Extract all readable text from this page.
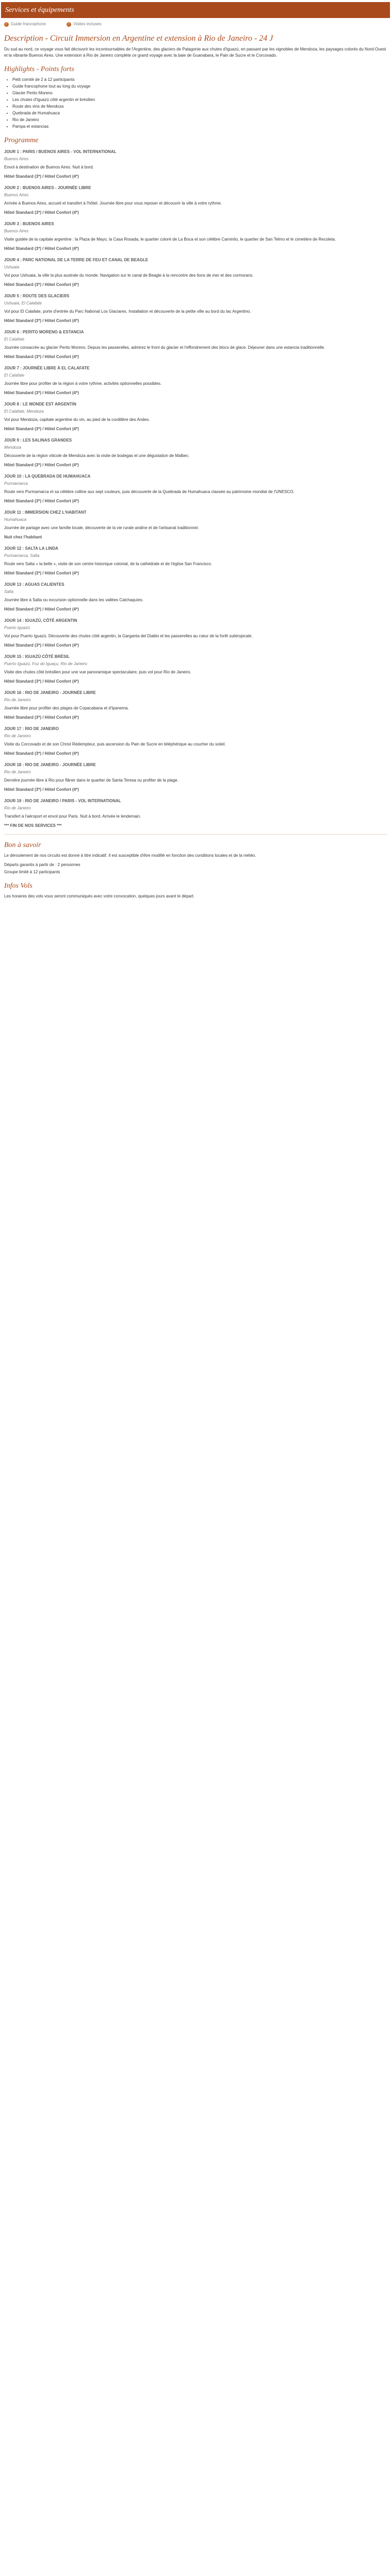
Services et équipements
✓ Guide francophone	✓ Visites incluses
Description - Circuit Immersion en Argentine et extension à Rio de Janeiro - 24 J

Du sud au nord, ce voyage vous fait découvrir les incontournables de l'Argentine, des glaciers de Patagonie aux chutes d'Iguazú, en passant par les vignobles de Mendoza, les paysages colorés du Nord-Ouest et la vibrante Buenos Aires. Une extension à Rio de Janeiro complète ce grand voyage avec la baie de Guanabara, le Pain de Sucre et le Corcovado.

Highlights - Points forts
• Petit comité de 2 à 12 participants
• Guide francophone tout au long du voyage
• Glacier Perito Moreno
• Les chutes d'Iguazú côté argentin et brésilien
• Route des vins de Mendoza
• Quebrada de Humahuaca
• Rio de Janeiro
• Pampa et estancias
Programme
JOUR 1 : PARIS / BUENOS AIRES - VOL INTERNATIONAL
Buenos Aires

Envol à destination de Buenos Aires. Nuit à bord.

Hôtel Standard (3*) / Hôtel Confort (4*)
JOUR 2 : BUENOS AIRES - JOURNÉE LIBRE
Buenos Aires

Arrivée à Buenos Aires, accueil et transfert à l'hôtel. Journée libre pour vous reposer et découvrir la ville à votre rythme.

Hôtel Standard (3*) / Hôtel Confort (4*)
JOUR 3 : BUENOS AIRES
Buenos Aires

Visite guidée de la capitale argentine : la Plaza de Mayo, la Casa Rosada, le quartier coloré de La Boca et son célèbre Caminito, le quartier de San Telmo et le cimetière de Recoleta.

Hôtel Standard (3*) / Hôtel Confort (4*)
JOUR 4 : PARC NATIONAL DE LA TERRE DE FEU ET CANAL DE BEAGLE
Ushuaia

Vol pour Ushuaia, la ville la plus australe du monde. Navigation sur le canal de Beagle à la rencontre des lions de mer et des cormorans.

Hôtel Standard (3*) / Hôtel Confort (4*)
JOUR 5 : ROUTE DES GLACIERS
Ushuaia, El Calafate

Vol pour El Calafate, porte d'entrée du Parc National Los Glaciares. Installation et découverte de la petite ville au bord du lac Argentino.

Hôtel Standard (3*) / Hôtel Confort (4*)
JOUR 6 : PERITO MORENO & ESTANCIA
El Calafate

Journée consacrée au glacier Perito Moreno. Depuis les passerelles, admirez le front du glacier et l'effondrement des blocs de glace. Déjeuner dans une estancia traditionnelle.

Hôtel Standard (3*) / Hôtel Confort (4*)
JOUR 7 : JOURNÉE LIBRE À EL CALAFATE
El Calafate

Journée libre pour profiter de la région à votre rythme, activités optionnelles possibles.

Hôtel Standard (3*) / Hôtel Confort (4*)
JOUR 8 : LE MONDE EST ARGENTIN
El Calafate, Mendoza

Vol pour Mendoza, capitale argentine du vin, au pied de la cordillère des Andes.

Hôtel Standard (3*) / Hôtel Confort (4*)
JOUR 9 : LES SALINAS GRANDES
Mendoza

Découverte de la région viticole de Mendoza avec la visite de bodegas et une dégustation de Malbec.

Hôtel Standard (3*) / Hôtel Confort (4*)
JOUR 10 : LA QUEBRADA DE HUMAHUACA
Purmamarca

Route vers Purmamarca et sa célèbre colline aux sept couleurs, puis découverte de la Quebrada de Humahuaca classée au patrimoine mondial de l'UNESCO.

Hôtel Standard (3*) / Hôtel Confort (4*)
JOUR 11 : IMMERSION CHEZ L'HABITANT
Humahuaca

Journée de partage avec une famille locale, découverte de la vie rurale andine et de l'artisanat traditionnel.

Nuit chez l'habitant
JOUR 12 : SALTA LA LINDA
Purmamarca, Salta

Route vers Salta « la belle », visite de son centre historique colonial, de la cathédrale et de l'église San Francisco.

Hôtel Standard (3*) / Hôtel Confort (4*)
JOUR 13 : AGUAS CALIENTES
Salta

Journée libre à Salta ou excursion optionnelle dans les vallées Calchaquíes.

Hôtel Standard (3*) / Hôtel Confort (4*)
JOUR 14 : IGUAZÚ, CÔTÉ ARGENTIN
Puerto Iguazú

Vol pour Puerto Iguazú. Découverte des chutes côté argentin, la Garganta del Diablo et les passerelles au cœur de la forêt subtropicale.

Hôtel Standard (3*) / Hôtel Confort (4*)
JOUR 15 : IGUAZÚ CÔTÉ BRÉSIL
Puerto Iguazú, Foz do Iguaçu, Rio de Janeiro

Visite des chutes côté brésilien pour une vue panoramique spectaculaire, puis vol pour Rio de Janeiro.

Hôtel Standard (3*) / Hôtel Confort (4*)
JOUR 16 : RIO DE JANEIRO - JOURNÉE LIBRE
Rio de Janeiro

Journée libre pour profiter des plages de Copacabana et d'Ipanema.

Hôtel Standard (3*) / Hôtel Confort (4*)
JOUR 17 : RIO DE JANEIRO
Rio de Janeiro

Visite du Corcovado et de son Christ Rédempteur, puis ascension du Pain de Sucre en téléphérique au coucher du soleil.

Hôtel Standard (3*) / Hôtel Confort (4*)
JOUR 18 : RIO DE JANEIRO - JOURNÉE LIBRE
Rio de Janeiro

Dernière journée libre à Rio pour flâner dans le quartier de Santa Teresa ou profiter de la plage.

Hôtel Standard (3*) / Hôtel Confort (4*)
JOUR 19 : RIO DE JANEIRO / PARIS - VOL INTERNATIONAL
Rio de Janeiro

Transfert à l'aéroport et envol pour Paris. Nuit à bord. Arrivée le lendemain.

*** FIN DE NOS SERVICES ***
Bon à savoir

Le déroulement de nos circuits est donné à titre indicatif. Il est susceptible d'être modifié en fonction des conditions locales et de la météo.

Départs garantis à partir de : 2 personnes

Groupe limité à 12 participants

Infos Vols

Les horaires des vols vous seront communiqués avec votre convocation, quelques jours avant le départ.
